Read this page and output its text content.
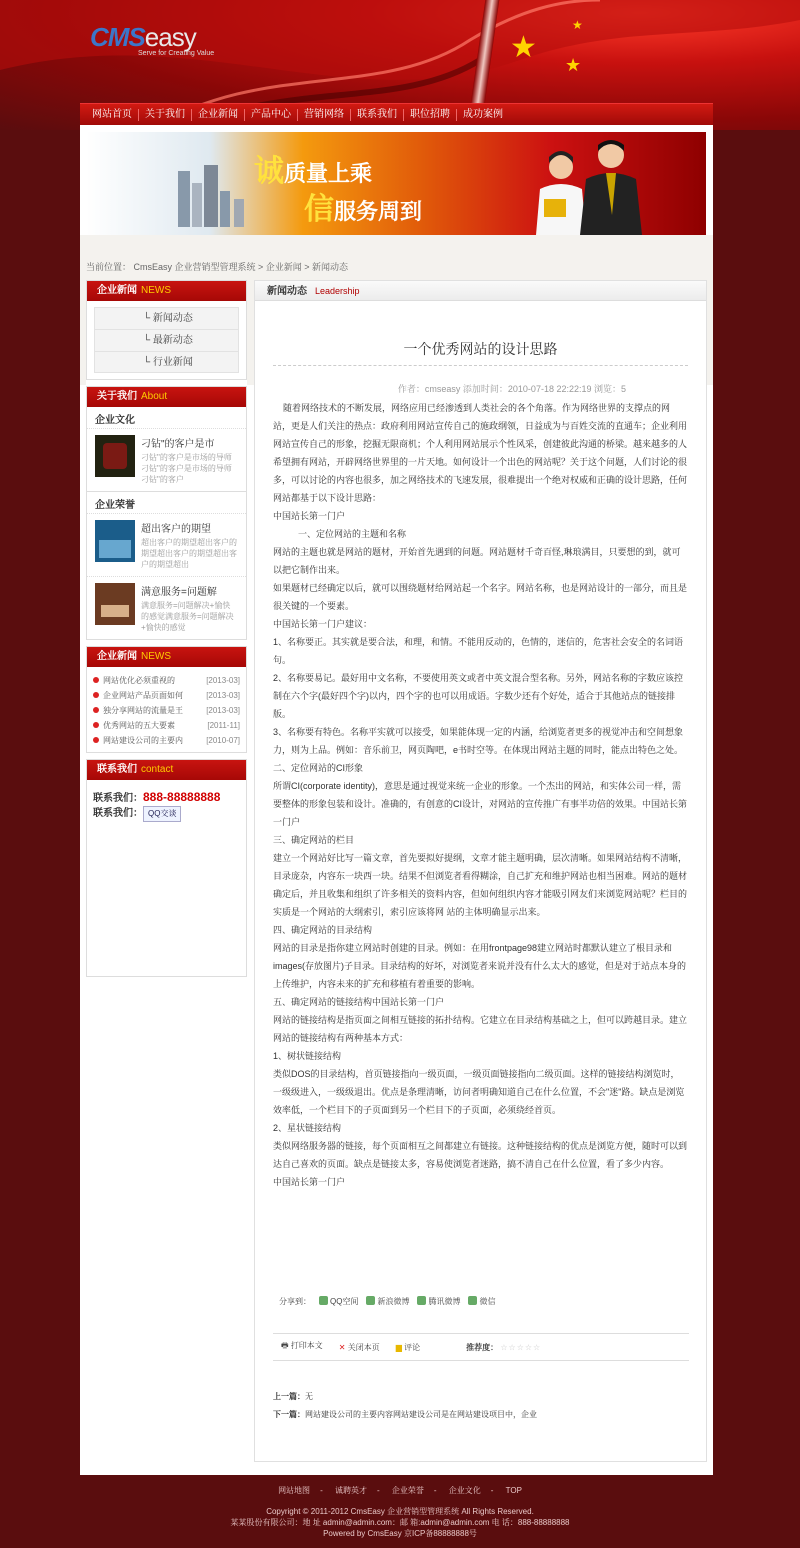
★
★
★
CMSeasy
Serve for Creating Value
网站首页	关于我们	企业新闻	产品中心	营销网络	联系我们	职位招聘	成功案例
诚质量上乘
信服务周到
当前位置： CmsEasy 企业营销型管理系统 > 企业新闻 > 新闻动态
企业新闻 NEWS
└ 新闻动态
└ 最新动态
└ 行业新闻
关于我们 About
企业文化
刁钻"的客户是市
刁钻"的客户是市场的导师刁钻"的客户是市场的导师刁钻"的客户
企业荣誉
超出客户的期望
超出客户的期望超出客户的期望超出客户的期望超出客户的期望超出
满意服务=问题解
满意服务=问题解决+愉快的感觉满意服务=问题解决+愉快的感觉
企业新闻 NEWS
网站优化必须重视的	[2013-03]
企业网站产品页面如何	[2013-03]
独分享网站的流量是王	[2013-03]
优秀网站的五大要素	[2011-11]
网站建设公司的主要内	[2010-07]
联系我们 contact
联系我们：888-88888888
联系我们： QQ交谈
新闻动态 Leadership
一个优秀网站的设计思路
作者：cmseasy 添加时间：2010-07-18 22:22:19 浏览：5
随着网络技术的不断发展，网络应用已经渗透到人类社会的各个角落。作为网络世界的支撑点的网站，更是人们关注的热点：政府利用网站宣传自己的施政纲领，日益成为与百姓交流的直通车；企业利用网站宣传自己的形象，挖掘无限商机；个人利用网站展示个性风采，创建彼此沟通的桥梁。越来越多的人希望拥有网站，开辟网络世界里的一片天地。如何设计一个出色的网站呢？关于这个问题，人们讨论的很多，可以讨论的内容也很多，加之网络技术的飞速发展，很难提出一个绝对权威和正确的设计思路，任何网站都基于以下设计思路：
中国站长第一门户
一、定位网站的主题和名称
网站的主题也就是网站的题材，开始首先遇到的问题。网站题材千奇百怪,琳琅满目，只要想的到，就可以把它制作出来。
如果题材已经确定以后，就可以围绕题材给网站起一个名字。网站名称，也是网站设计的一部分，而且是很关键的一个要素。
中国站长第一门户建议：
1、名称要正。其实就是要合法，和理，和情。不能用反动的，色情的，迷信的，危害社会安全的名词语句。
2、名称要易记。最好用中文名称，不要使用英文或者中英文混合型名称。另外，网站名称的字数应该控制在六个字(最好四个字)以内，四个字的也可以用成语。字数少还有个好处，适合于其他站点的链接排版。
3、名称要有特色。名称平实就可以接受，如果能体现一定的内涵，给浏览者更多的视觉冲击和空间想象力，则为上品。例如：音乐前卫，网页陶吧，e书时空等。在体现出网站主题的同时，能点出特色之处。
二、定位网站的CI形象
所谓CI(corporate identity)，意思是通过视觉来统一企业的形象。一个杰出的网站，和实体公司一样，需要整体的形象包装和设计。准确的，有创意的CI设计，对网站的宣传推广有事半功倍的效果。中国站长第一门户
三、确定网站的栏目
建立一个网站好比写一篇文章，首先要拟好提纲，文章才能主题明确，层次清晰。如果网站结构不清晰，目录庞杂，内容东一块西一块。结果不但浏览者看得糊涂，自己扩充和维护网站也相当困难。网站的题材确定后，并且收集和组织了许多相关的资料内容，但如何组织内容才能吸引网友们来浏览网站呢？栏目的实质是一个网站的大纲索引，索引应该将网 站的主体明确显示出来。
四、确定网站的目录结构
网站的目录是指你建立网站时创建的目录。例如：在用frontpage98建立网站时都默认建立了根目录和images(存放图片)子目录。目录结构的好坏，对浏览者来说并没有什么太大的感觉，但是对于站点本身的上传维护，内容未来的扩充和移植有着重要的影响。
五、确定网站的链接结构中国站长第一门户
网站的链接结构是指页面之间相互链接的拓扑结构。它建立在目录结构基础之上，但可以跨越目录。建立网站的链接结构有两种基本方式：
1、树状链接结构
类似DOS的目录结构，首页链接指向一级页面，一级页面链接指向二级页面。这样的链接结构浏览时，一级级进入，一级级退出。优点是条理清晰，访问者明确知道自己在什么位置，不会"迷"路。缺点是浏览效率低，一个栏目下的子页面到另一个栏目下的子页面，必须绕经首页。
2、星状链接结构
类似网络服务器的链接，每个页面相互之间都建立有链接。这种链接结构的优点是浏览方便，随时可以到达自己喜欢的页面。缺点是链接太多，容易使浏览者迷路，搞不清自己在什么位置，看了多少内容。
中国站长第一门户
分享到：	QQ空间	新浪微博	腾讯微博	微信
🖶 打印本文 ✕ 关闭本页 ▆ 评论	推荐度： ☆☆☆☆☆
上一篇：无
下一篇：网站建设公司的主要内容网站建设公司是在网站建设项目中，企业
网站地图 - 诚聘英才 - 企业荣誉 - 企业文化 - TOP
Copyright © 2011-2012 CmsEasy 企业营销型管理系统 All Rights Reserved.
某某股份有限公司：地 址 admin@admin.com：邮 箱:admin@admin.com 电 话：888-88888888
Powered by CmsEasy 京ICP备88888888号
